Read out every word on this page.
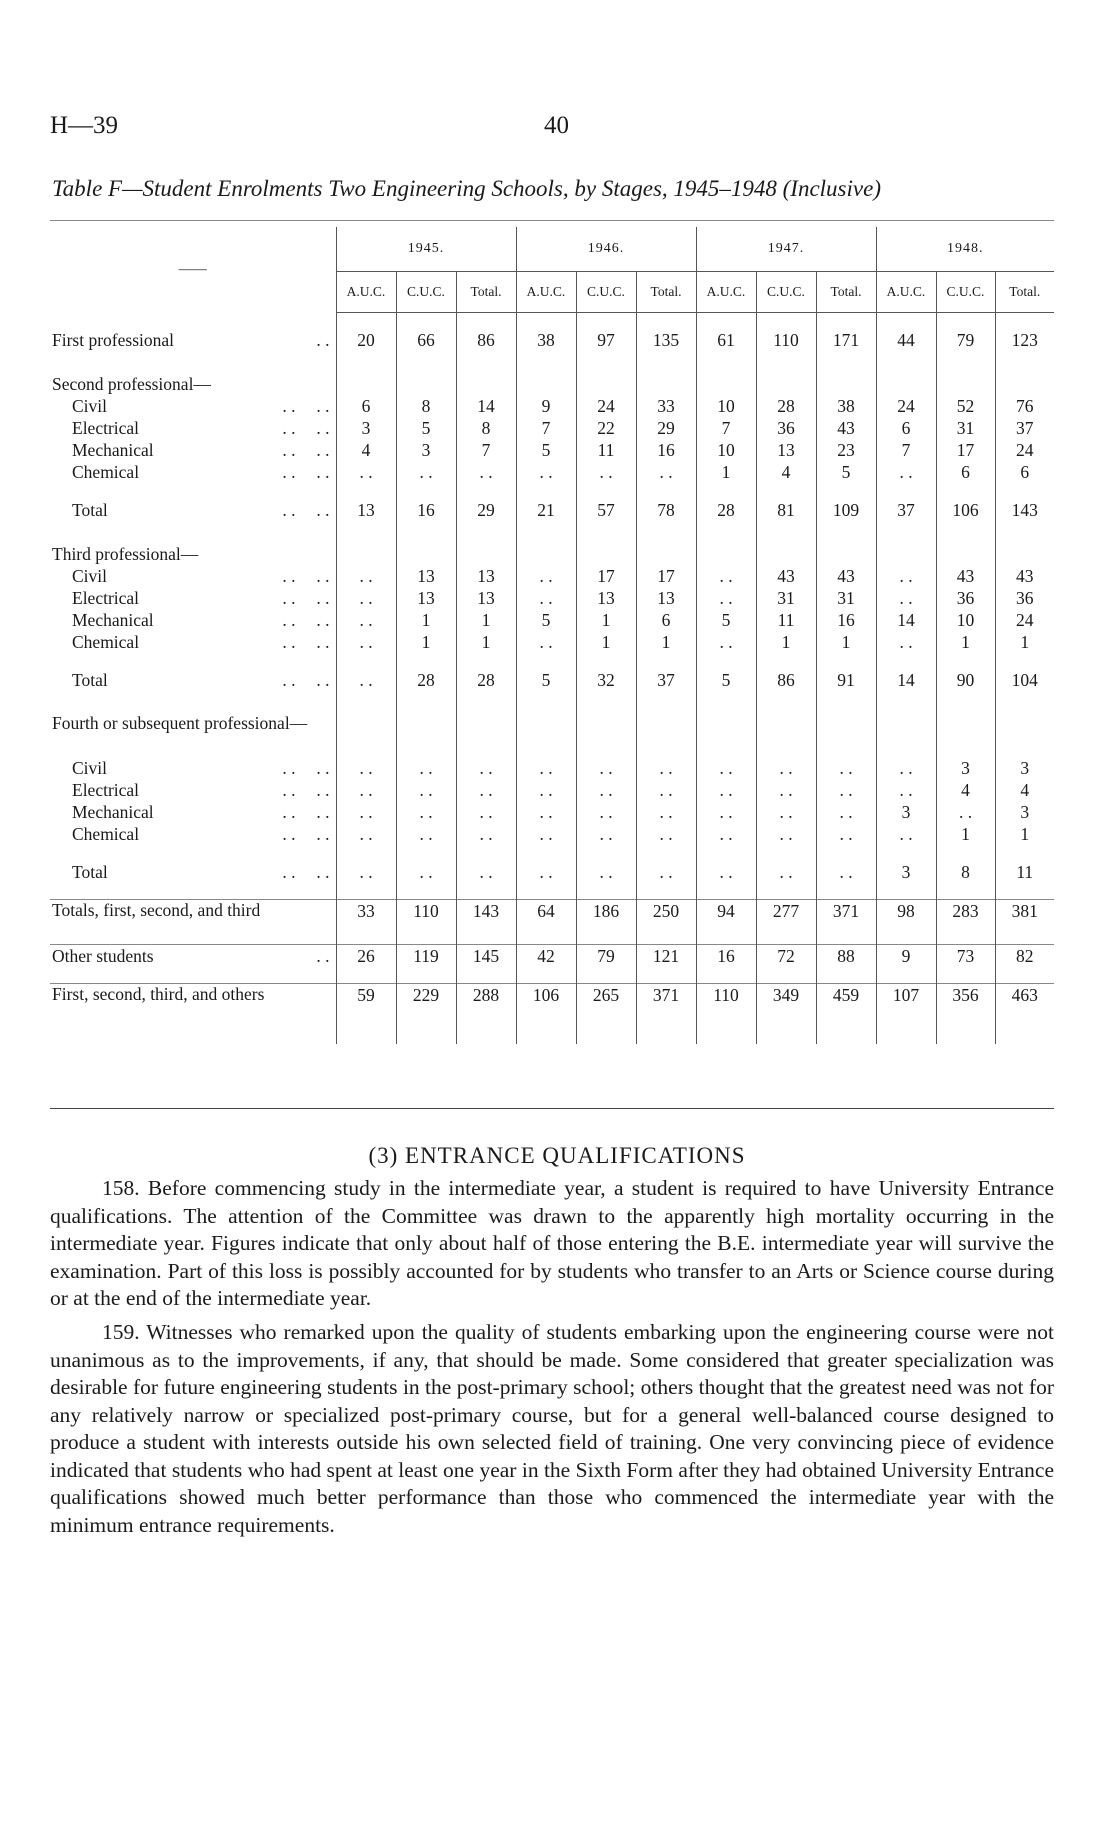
H—39	40
Table F—Student Enrolments Two Engineering Schools, by Stages, 1945–1948 (Inclusive)
——	1945.			1946.			1947.			1948.		
	A.U.C.	C.U.C.	Total.	A.U.C.	C.U.C.	Total.	A.U.C.	C.U.C.	Total.	A.U.C.	C.U.C.	Total.

First professional . .	20	66	86	38	97	135	61	110	171	44	79	123

Second professional—												
Civil . . . .	6	8	14	9	24	33	10	28	38	24	52	76
Electrical . . . .	3	5	8	7	22	29	7	36	43	6	31	37
Mechanical . . . .	4	3	7	5	11	16	10	13	23	7	17	24
Chemical . . . .	. .	. .	. .	. .	. .	. .	1	4	5	. .	6	6

Total . . . .	13	16	29	21	57	78	28	81	109	37	106	143

Third professional—												
Civil . . . .	. .	13	13	. .	17	17	. .	43	43	. .	43	43
Electrical . . . .	. .	13	13	. .	13	13	. .	31	31	. .	36	36
Mechanical . . . .	. .	1	1	5	1	6	5	11	16	14	10	24
Chemical . . . .	. .	1	1	. .	1	1	. .	1	1	. .	1	1

Total . . . .	. .	28	28	5	32	37	5	86	91	14	90	104

Fourth or subsequent professional—												
Civil . . . .	. .	. .	. .	. .	. .	. .	. .	. .	. .	. .	3	3
Electrical . . . .	. .	. .	. .	. .	. .	. .	. .	. .	. .	. .	4	4
Mechanical . . . .	. .	. .	. .	. .	. .	. .	. .	. .	. .	3	. .	3
Chemical . . . .	. .	. .	. .	. .	. .	. .	. .	. .	. .	. .	1	1

Total . . . .	. .	. .	. .	. .	. .	. .	. .	. .	. .	3	8	11

Totals, first, second, and third	33	110	143	64	186	250	94	277	371	98	283	381
Other students . .	26	119	145	42	79	121	16	72	88	9	73	82

First, second, third, and others	59	229	288	106	265	371	110	349	459	107	356	463

(3) ENTRANCE QUALIFICATIONS
158. Before commencing study in the intermediate year, a student is required to have University Entrance qualifications. The attention of the Committee was drawn to the apparently high mortality occurring in the intermediate year. Figures indicate that only about half of those entering the B.E. intermediate year will survive the examination. Part of this loss is possibly accounted for by students who transfer to an Arts or Science course during or at the end of the intermediate year.
159. Witnesses who remarked upon the quality of students embarking upon the engineering course were not unanimous as to the improvements, if any, that should be made. Some considered that greater specialization was desirable for future engineering students in the post-primary school; others thought that the greatest need was not for any relatively narrow or specialized post-primary course, but for a general well-balanced course designed to produce a student with interests outside his own selected field of training. One very convincing piece of evidence indicated that students who had spent at least one year in the Sixth Form after they had obtained University Entrance qualifications showed much better performance than those who commenced the intermediate year with the minimum entrance requirements.
